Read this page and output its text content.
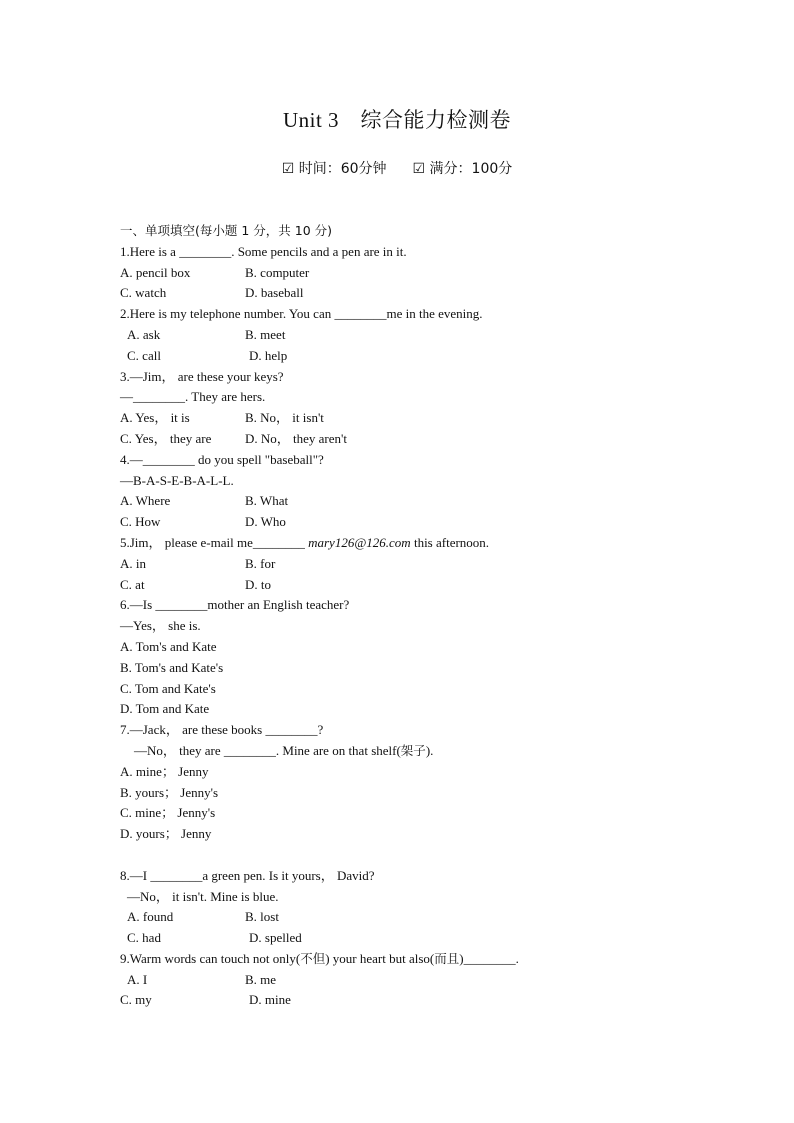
Unit 3　综合能力检测卷
☑ 时间：60分钟 ☑ 满分：100分
一、单项填空(每小题 1 分，共 10 分)
1.Here is a ________. Some pencils and a pen are in it.
A. pencil box	B. computer
C. watch	D. baseball
2.Here is my telephone number. You can ________me in the evening.
A. ask	B. meet
C. call	D. help
3.—Jim， are these your keys?
—________. They are hers.
A. Yes， it is	B. No， it isn't
C. Yes， they are	D. No， they aren't
4.—________ do you spell "baseball"?
—B-A-S-E-B-A-L-L.
A. Where	B. What
C. How	D. Who
5.Jim， please e-mail me________ mary126@126.com this afternoon.
A. in	B. for
C. at	D. to
6.—Is ________mother an English teacher?
—Yes， she is.
A. Tom's and Kate
B. Tom's and Kate's
C. Tom and Kate's
D. Tom and Kate
7.—Jack， are these books ________?
—No， they are ________. Mine are on that shelf(架子).
A. mine； Jenny
B. yours； Jenny's
C. mine； Jenny's
D. yours； Jenny
8.—I ________a green pen. Is it yours， David?
—No， it isn't. Mine is blue.
A. found	B. lost
C. had	D. spelled
9.Warm words can touch not only(不但) your heart but also(而且)________.
A. I	B. me
C. my	D. mine
